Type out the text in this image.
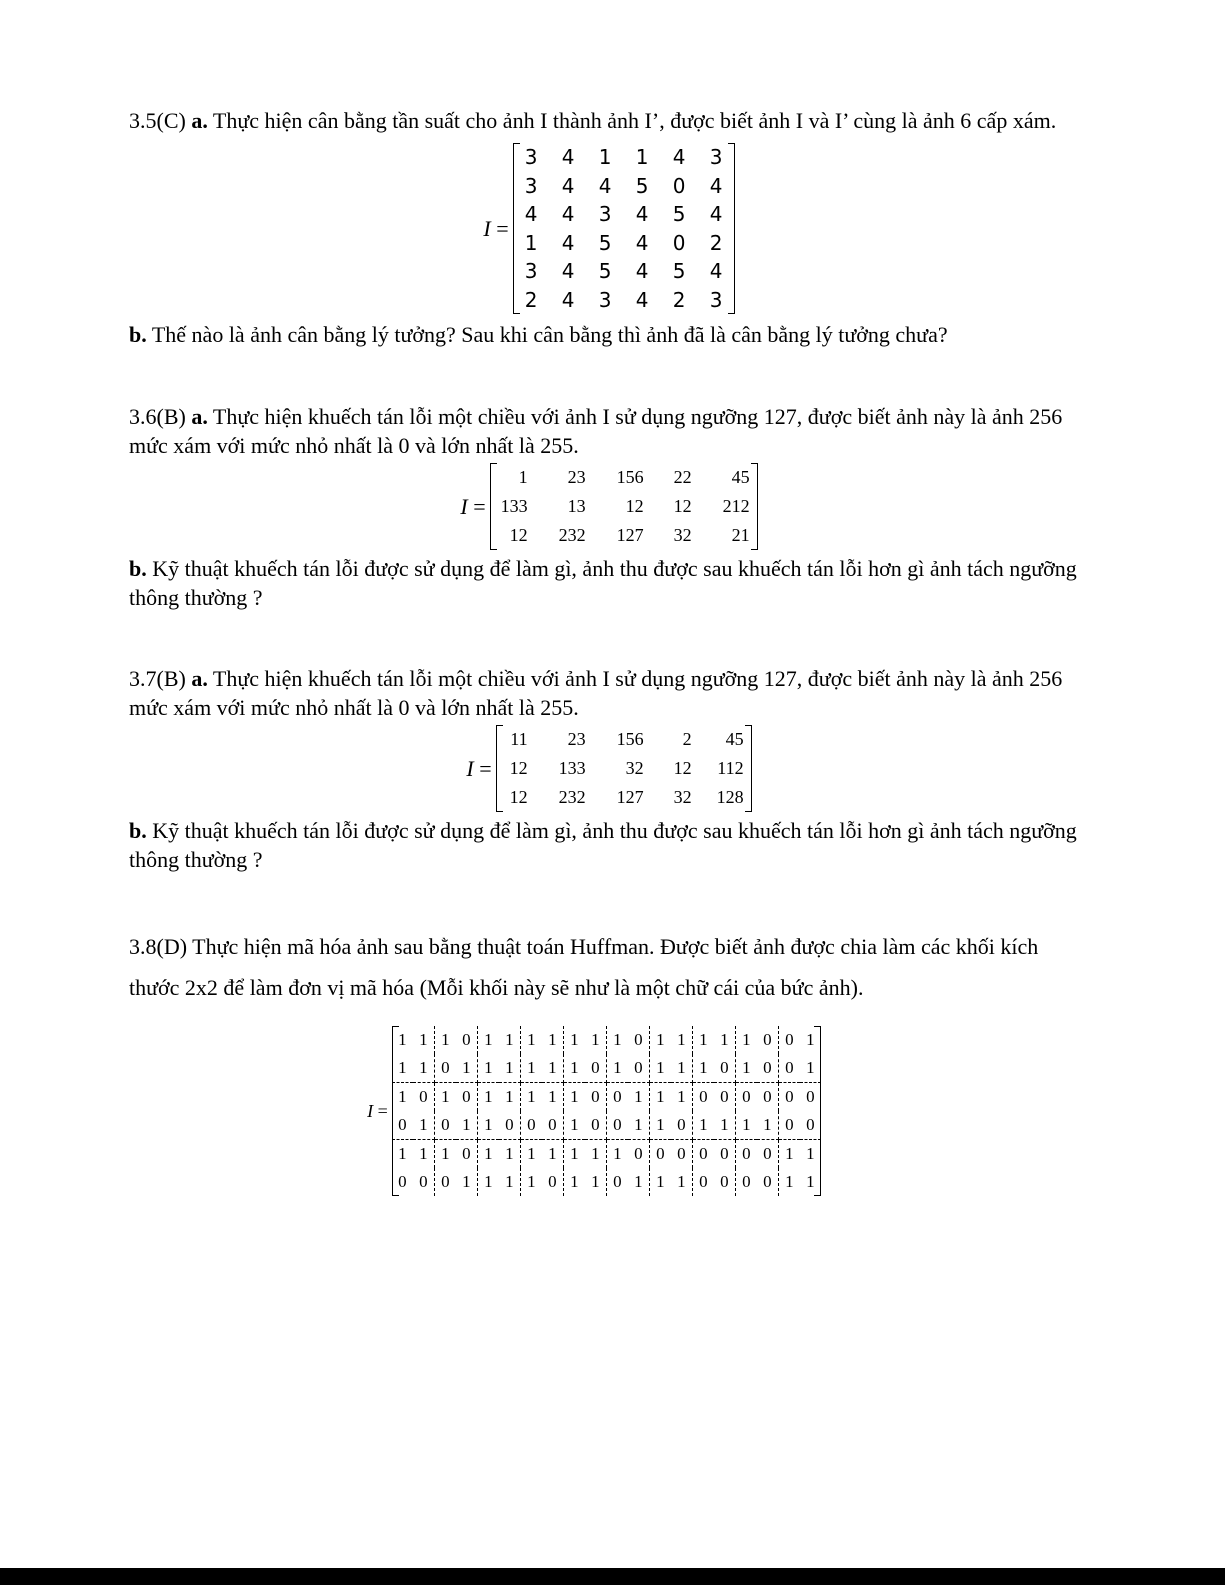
3.5(C) a. Thực hiện cân bằng tần suất cho ảnh I thành ảnh I’, được biết ảnh I và I’ cùng là ảnh 6 cấp xám.

I =
3	4	1	1	4	3
3	4	4	5	0	4
4	4	3	4	5	4
1	4	5	4	0	2
3	4	5	4	5	4
2	4	3	4	2	3

b. Thế nào là ảnh cân bằng lý tưởng? Sau khi cân bằng thì ảnh đã là cân bằng lý tưởng chưa?

3.6(B) a. Thực hiện khuếch tán lỗi một chiều với ảnh I sử dụng ngưỡng 127, được biết ảnh này là ảnh 256 mức xám với mức nhỏ nhất là 0 và lớn nhất là 255.

I =
1	23	156	22	45
133	13	12	12	212
12	232	127	32	21

b. Kỹ thuật khuếch tán lỗi được sử dụng để làm gì, ảnh thu được sau khuếch tán lỗi hơn gì ảnh tách ngưỡng thông thường ?

3.7(B) a. Thực hiện khuếch tán lỗi một chiều với ảnh I sử dụng ngưỡng 127, được biết ảnh này là ảnh 256 mức xám với mức nhỏ nhất là 0 và lớn nhất là 255.

I =
11	23	156	2	45
12	133	32	12	112
12	232	127	32	128

b. Kỹ thuật khuếch tán lỗi được sử dụng để làm gì, ảnh thu được sau khuếch tán lỗi hơn gì ảnh tách ngưỡng thông thường ?

3.8(D) Thực hiện mã hóa ảnh sau bằng thuật toán Huffman. Được biết ảnh được chia làm các khối kích thước 2x2 để làm đơn vị mã hóa (Mỗi khối này sẽ như là một chữ cái của bức ảnh).

I =
1	1	1	0	1	1	1	1	1	1	1	0	1	1	1	1	1	0	0	1
1	1	0	1	1	1	1	1	1	0	1	0	1	1	1	0	1	0	0	1
1	0	1	0	1	1	1	1	1	0	0	1	1	1	0	0	0	0	0	0
0	1	0	1	1	0	0	0	1	0	0	1	1	0	1	1	1	1	0	0
1	1	1	0	1	1	1	1	1	1	1	0	0	0	0	0	0	0	1	1
0	0	0	1	1	1	1	0	1	1	0	1	1	1	0	0	0	0	1	1
